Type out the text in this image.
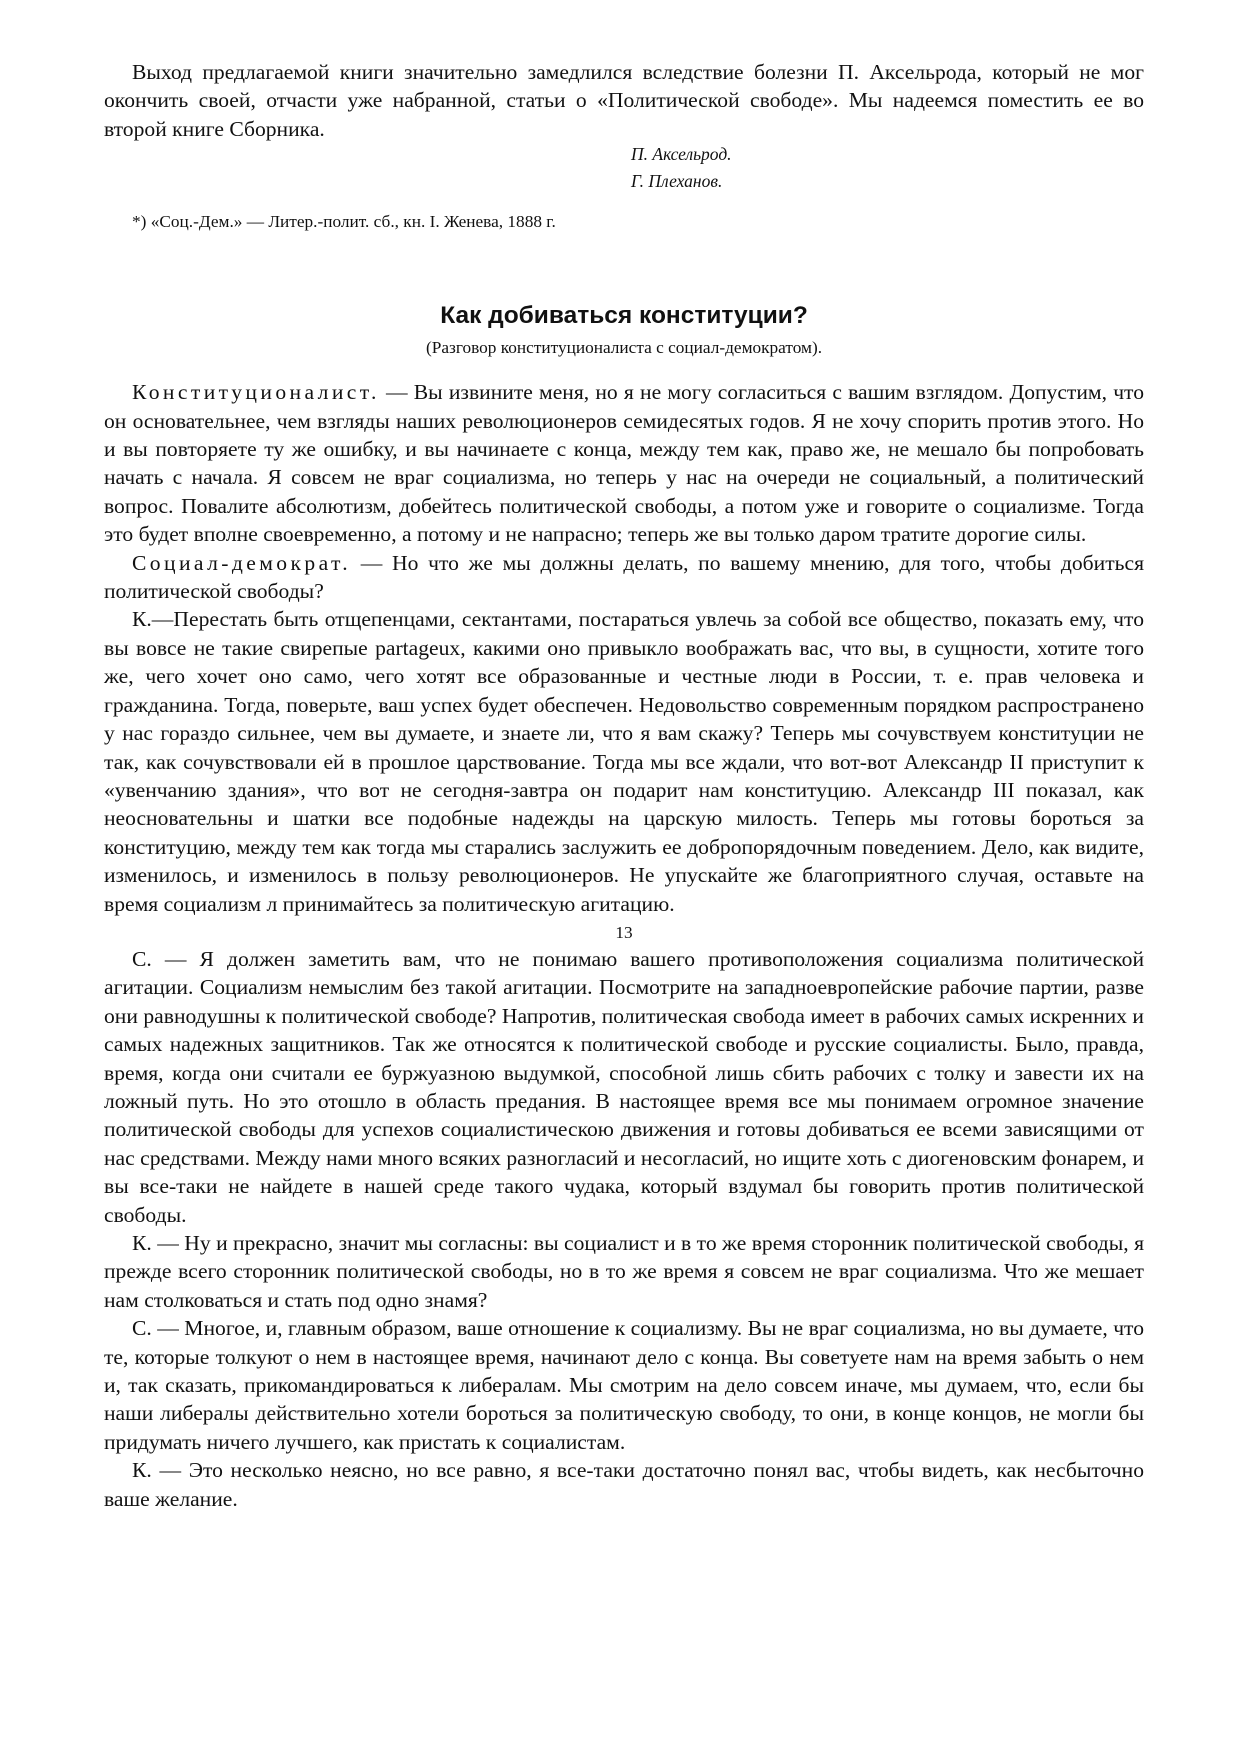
Выход предлагаемой книги значительно замедлился вследствие болезни П. Аксельрода, который не мог окончить своей, отчасти уже набранной, статьи о «Политической свободе». Мы надеемся поместить ее во второй книге Сборника.

П. Аксельрод.

Г. Плеханов.

*) «Соц.-Дем.» — Литер.-полит. сб., кн. I. Женева, 1888 г.

Как добиваться конституции?

(Разговор конституционалиста с социал-демократом).

Конституционалист. — Вы извините меня, но я не могу согласиться с вашим взглядом. Допустим, что он основательнее, чем взгляды наших революционеров семидесятых годов. Я не хочу спорить против этого. Но и вы повторяете ту же ошибку, и вы начинаете с конца, между тем как, право же, не мешало бы попробовать начать с начала. Я совсем не враг социализма, но теперь у нас на очереди не социальный, а политический вопрос. Повалите абсолютизм, добейтесь политической свободы, а потом уже и говорите о социализме. Тогда это будет вполне своевременно, а потому и не напрасно; теперь же вы только даром тратите дорогие силы.

Социал-демократ. — Но что же мы должны делать, по вашему мнению, для того, чтобы добиться политической свободы?

К.—Перестать быть отщепенцами, сектантами, постараться увлечь за собой все общество, показать ему, что вы вовсе не такие свирепые partageux, какими оно привыкло воображать вас, что вы, в сущности, хотите того же, чего хочет оно само, чего хотят все образованные и честные люди в России, т. е. прав человека и гражданина. Тогда, поверьте, ваш успех будет обеспечен. Недовольство современным порядком распространено у нас гораздо сильнее, чем вы думаете, и знаете ли, что я вам скажу? Теперь мы сочувствуем конституции не так, как сочувствовали ей в прошлое царствование. Тогда мы все ждали, что вот-вот Александр II приступит к «увенчанию здания», что вот не сегодня-завтра он подарит нам конституцию. Александр III показал, как неосновательны и шатки все подобные надежды на царскую милость. Теперь мы готовы бороться за конституцию, между тем как тогда мы старались заслужить ее добропорядочным поведением. Дело, как видите, изменилось, и изменилось в пользу революционеров. Не упускайте же благоприятного случая, оставьте на время социализм л принимайтесь за политическую агитацию.

13

С. — Я должен заметить вам, что не понимаю вашего противоположения социализма политической агитации. Социализм немыслим без такой агитации. Посмотрите на западноевропейские рабочие партии, разве они равнодушны к политической свободе? Напротив, политическая свобода имеет в рабочих самых искренних и самых надежных защитников. Так же относятся к политической свободе и русские социалисты. Было, правда, время, когда они считали ее буржуазною выдумкой, способной лишь сбить рабочих с толку и завести их на ложный путь. Но это отошло в область предания. В настоящее время все мы понимаем огромное значение политической свободы для успехов социалистическою движения и готовы добиваться ее всеми зависящими от нас средствами. Между нами много всяких разногласий и несогласий, но ищите хоть с диогеновским фонарем, и вы все-таки не найдете в нашей среде такого чудака, который вздумал бы говорить против политической свободы.

К. — Ну и прекрасно, значит мы согласны: вы социалист и в то же время сторонник политической свободы, я прежде всего сторонник политической свободы, но в то же время я совсем не враг социализма. Что же мешает нам столковаться и стать под одно знамя?

С. — Многое, и, главным образом, ваше отношение к социализму. Вы не враг социализма, но вы думаете, что те, которые толкуют о нем в настоящее время, начинают дело с конца. Вы советуете нам на время забыть о нем и, так сказать, прикомандироваться к либералам. Мы смотрим на дело совсем иначе, мы думаем, что, если бы наши либералы действительно хотели бороться за политическую свободу, то они, в конце концов, не могли бы придумать ничего лучшего, как пристать к социалистам.

К. — Это несколько неясно, но все равно, я все-таки достаточно понял вас, чтобы видеть, как несбыточно ваше желание.
